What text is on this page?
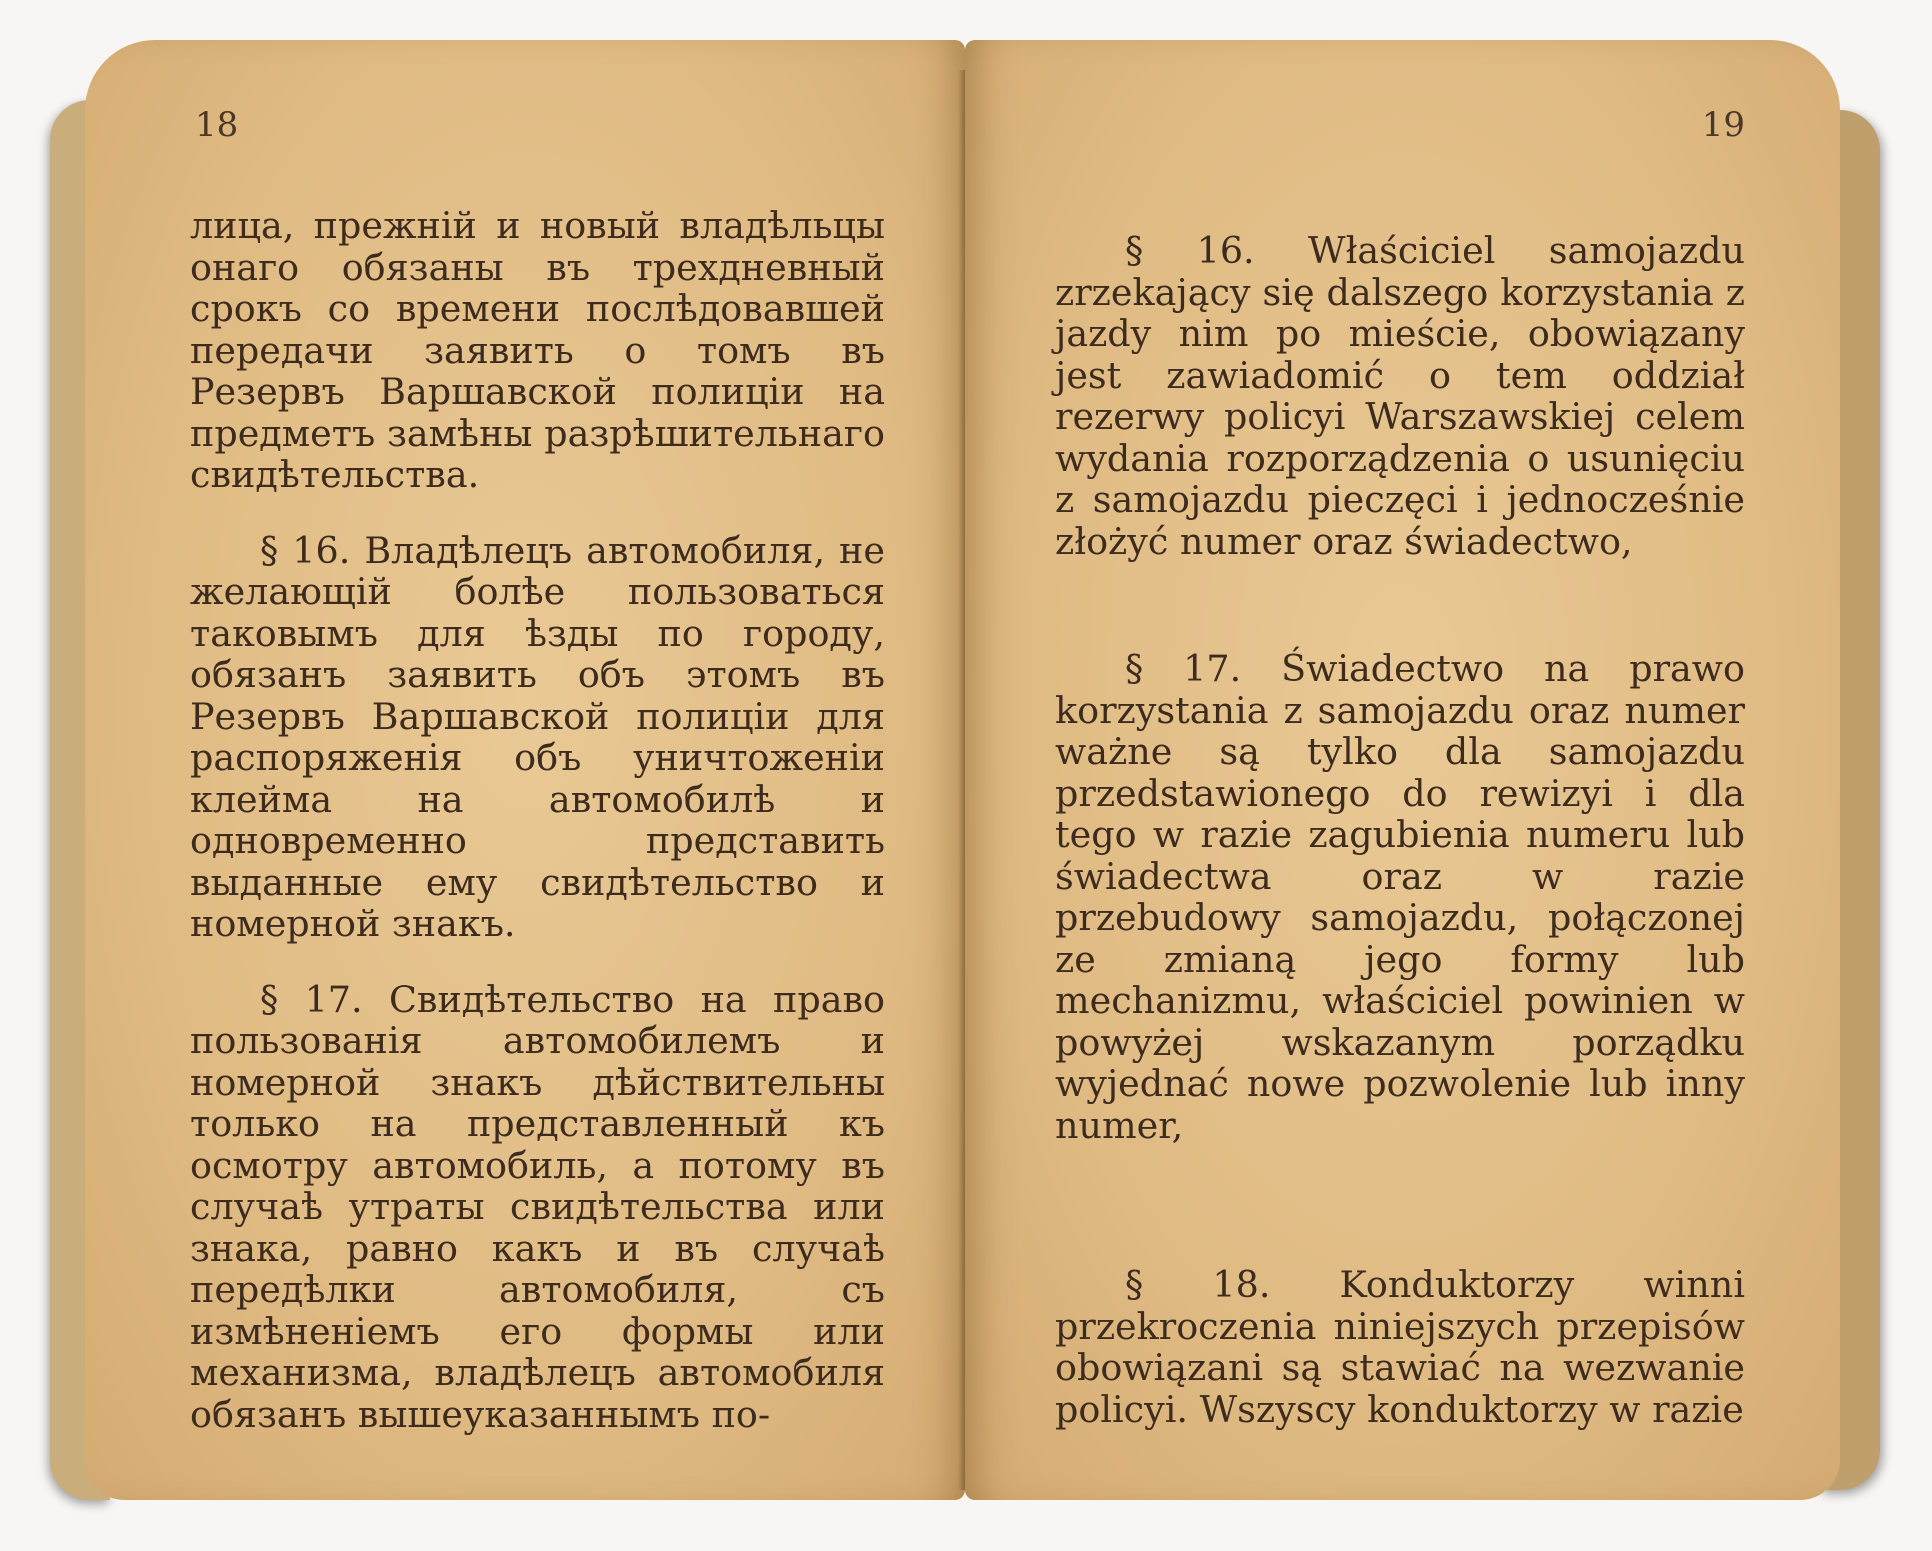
18

лица, прежній и новый владѣльцы онаго обязаны въ трехдневный срокъ со времени послѣдовавшей передачи заявить о томъ въ Резервъ Варшавской полиціи на предметъ замѣны разрѣшительнаго свидѣтельства.

§ 16. Владѣлецъ автомобиля, не желающій болѣе пользоваться таковымъ для ѣзды по городу, обязанъ заявить объ этомъ въ Резервъ Варшавской полиціи для распоряженія объ уничтоженіи клейма на автомобилѣ и одновременно представить выданные ему свидѣтельство и номерной знакъ.

§ 17. Свидѣтельство на право пользованія автомобилемъ и номерной знакъ дѣйствительны только на представленный къ осмотру автомобиль, а потому въ случаѣ утраты свидѣтельства или знака, равно какъ и въ случаѣ передѣлки автомобиля, съ измѣненіемъ его формы или механизма, владѣлецъ автомобиля обязанъ вышеуказаннымъ по-

19

§ 16. Właściciel samojazdu zrzekający się dalszego korzystania z jazdy nim po mieście, obowiązany jest zawiadomić o tem oddział rezerwy policyi Warszawskiej celem wydania rozporządzenia o usunięciu z samojazdu pieczęci i jednocześnie złożyć numer oraz świadectwo,

§ 17. Świadectwo na prawo korzystania z samojazdu oraz numer ważne są tylko dla samojazdu przedstawionego do rewizyi i dla tego w razie zagubienia numeru lub świadectwa oraz w razie przebudowy samojazdu, połączonej ze zmianą jego formy lub mechanizmu, właściciel powinien w powyżej wskazanym porządku wyjednać nowe pozwolenie lub inny numer,

§ 18. Konduktorzy winni przekroczenia niniejszych przepisów obowiązani są stawiać na wezwanie policyi. Wszyscy konduktorzy w razie
